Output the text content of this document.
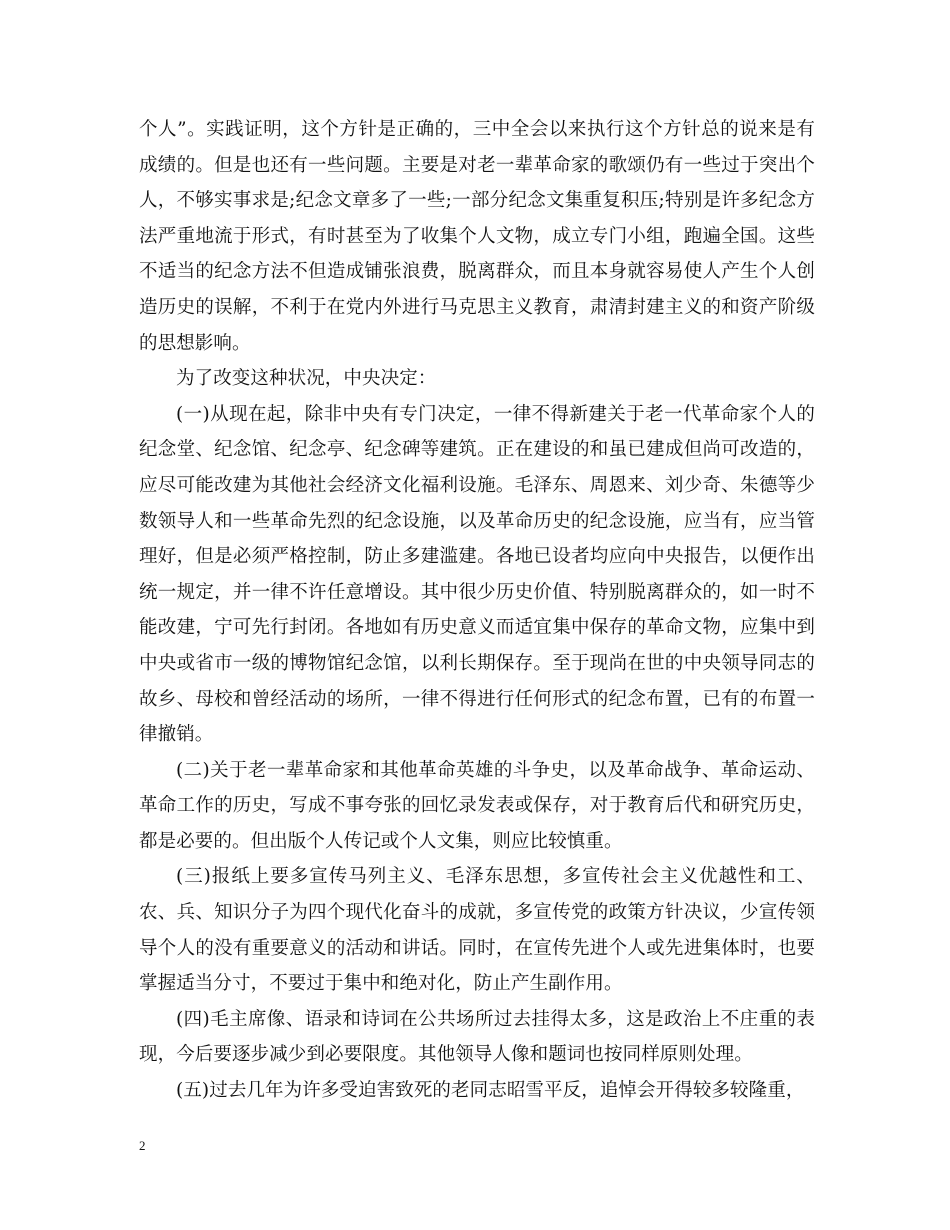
个人”。实践证明，这个方针是正确的，三中全会以来执行这个方针总的说来是有成绩的。但是也还有一些问题。主要是对老一辈革命家的歌颂仍有一些过于突出个人，不够实事求是;纪念文章多了一些;一部分纪念文集重复积压;特别是许多纪念方法严重地流于形式，有时甚至为了收集个人文物，成立专门小组，跑遍全国。这些不适当的纪念方法不但造成铺张浪费，脱离群众，而且本身就容易使人产生个人创造历史的误解，不利于在党内外进行马克思主义教育，肃清封建主义的和资产阶级的思想影响。

为了改变这种状况，中央决定：

(一)从现在起，除非中央有专门决定，一律不得新建关于老一代革命家个人的纪念堂、纪念馆、纪念亭、纪念碑等建筑。正在建设的和虽已建成但尚可改造的，应尽可能改建为其他社会经济文化福利设施。毛泽东、周恩来、刘少奇、朱德等少数领导人和一些革命先烈的纪念设施，以及革命历史的纪念设施，应当有，应当管理好，但是必须严格控制，防止多建滥建。各地已设者均应向中央报告，以便作出统一规定，并一律不许任意增设。其中很少历史价值、特别脱离群众的，如一时不能改建，宁可先行封闭。各地如有历史意义而适宜集中保存的革命文物，应集中到中央或省市一级的博物馆纪念馆，以利长期保存。至于现尚在世的中央领导同志的故乡、母校和曾经活动的场所，一律不得进行任何形式的纪念布置，已有的布置一律撤销。

(二)关于老一辈革命家和其他革命英雄的斗争史，以及革命战争、革命运动、革命工作的历史，写成不事夸张的回忆录发表或保存，对于教育后代和研究历史，都是必要的。但出版个人传记或个人文集，则应比较慎重。

(三)报纸上要多宣传马列主义、毛泽东思想，多宣传社会主义优越性和工、农、兵、知识分子为四个现代化奋斗的成就，多宣传党的政策方针决议，少宣传领导个人的没有重要意义的活动和讲话。同时，在宣传先进个人或先进集体时，也要掌握适当分寸，不要过于集中和绝对化，防止产生副作用。

(四)毛主席像、语录和诗词在公共场所过去挂得太多，这是政治上不庄重的表现，今后要逐步减少到必要限度。其他领导人像和题词也按同样原则处理。

(五)过去几年为许多受迫害致死的老同志昭雪平反，追悼会开得较多较隆重，

2
